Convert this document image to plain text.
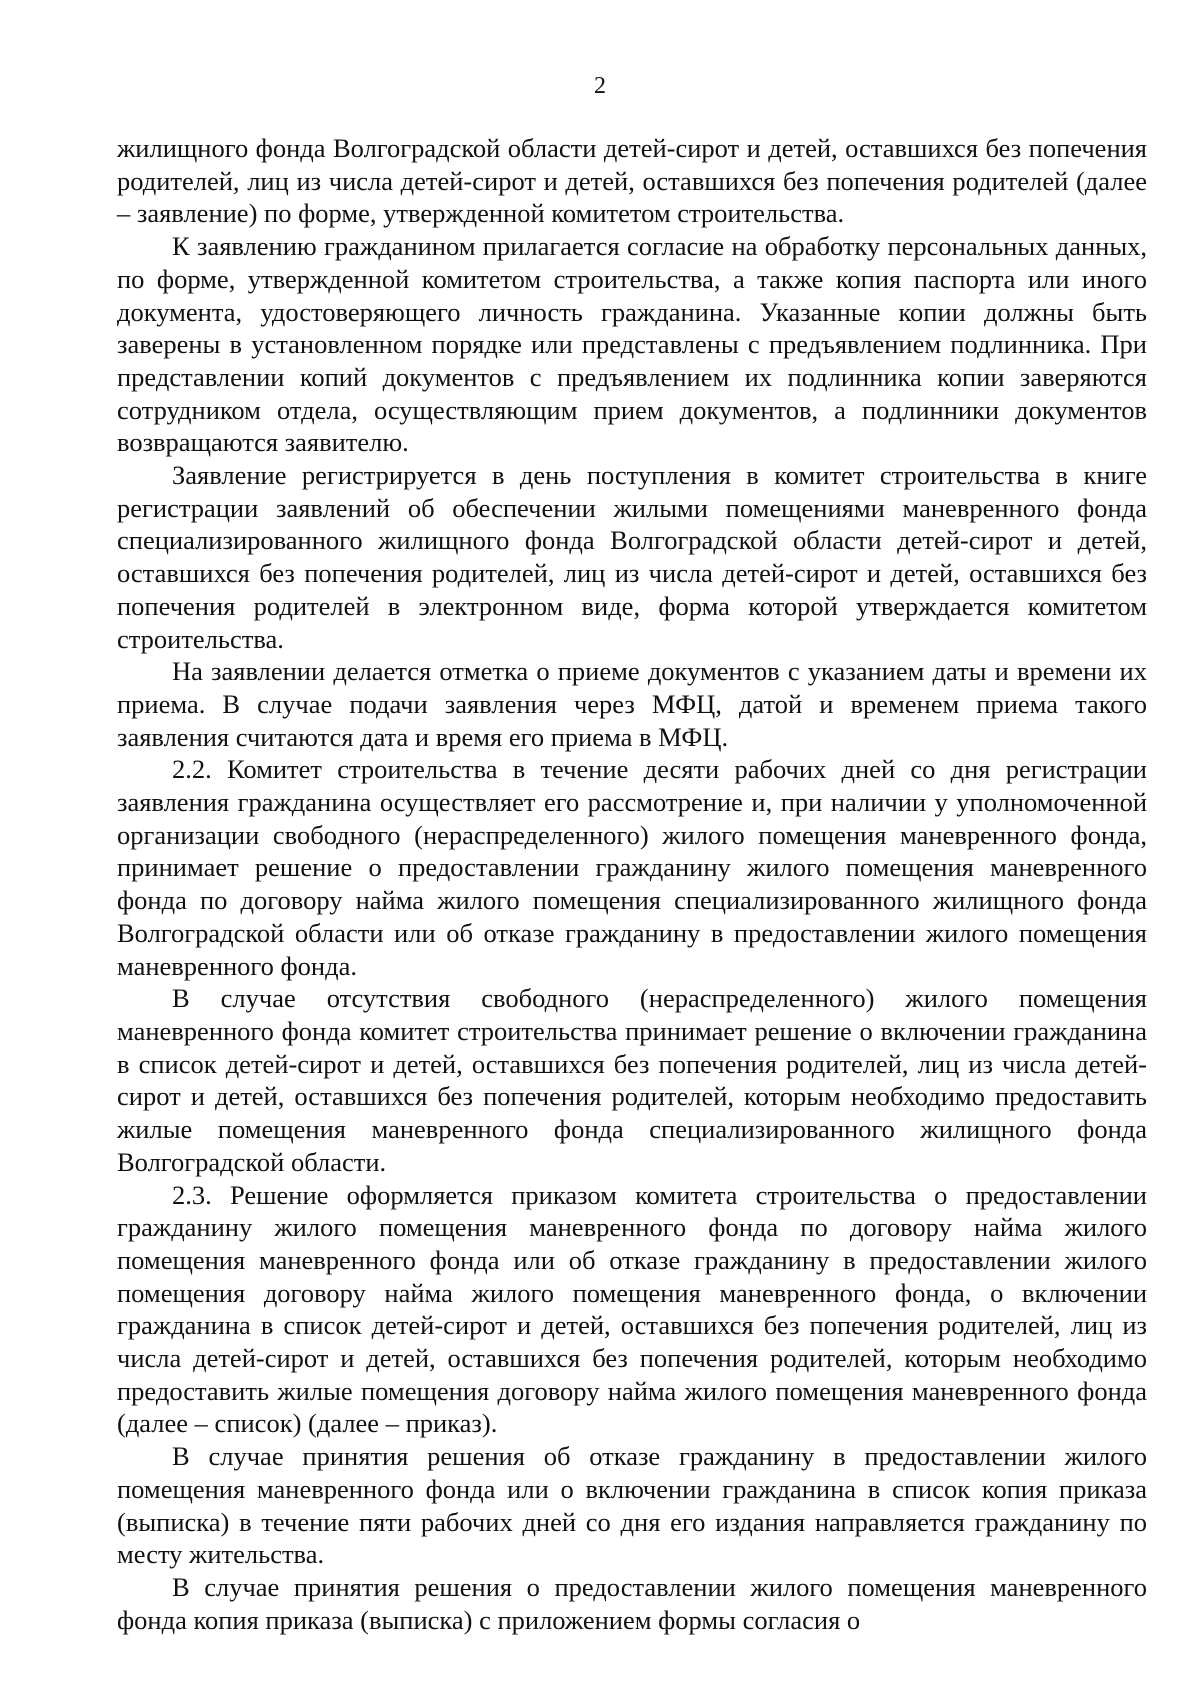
2

жилищного фонда Волгоградской области детей-сирот и детей, оставшихся без попечения родителей, лиц из числа детей-сирот и детей, оставшихся без попечения родителей (далее – заявление) по форме, утвержденной комитетом строительства.

К заявлению гражданином прилагается согласие на обработку персональных данных, по форме, утвержденной комитетом строительства, а также копия паспорта или иного документа, удостоверяющего личность гражданина. Указанные копии должны быть заверены в установленном порядке или представлены с предъявлением подлинника. При представлении копий документов с предъявлением их подлинника копии заверяются сотрудником отдела, осуществляющим прием документов, а подлинники документов возвращаются заявителю.

Заявление регистрируется в день поступления в комитет строительства в книге регистрации заявлений об обеспечении жилыми помещениями маневренного фонда специализированного жилищного фонда Волгоградской области детей-сирот и детей, оставшихся без попечения родителей, лиц из числа детей-сирот и детей, оставшихся без попечения родителей в электронном виде, форма которой утверждается комитетом строительства.

На заявлении делается отметка о приеме документов с указанием даты и времени их приема. В случае подачи заявления через МФЦ, датой и временем приема такого заявления считаются дата и время его приема в МФЦ.

2.2. Комитет строительства в течение десяти рабочих дней со дня регистрации заявления гражданина осуществляет его рассмотрение и, при наличии у уполномоченной организации свободного (нераспределенного) жилого помещения маневренного фонда, принимает решение о предоставлении гражданину жилого помещения маневренного фонда по договору найма жилого помещения специализированного жилищного фонда Волгоградской области или об отказе гражданину в предоставлении жилого помещения маневренного фонда.

В случае отсутствия свободного (нераспределенного) жилого помещения маневренного фонда комитет строительства принимает решение о включении гражданина в список детей-сирот и детей, оставшихся без попечения родителей, лиц из числа детей-сирот и детей, оставшихся без попечения родителей, которым необходимо предоставить жилые помещения маневренного фонда специализированного жилищного фонда Волгоградской области.

2.3. Решение оформляется приказом комитета строительства о предоставлении гражданину жилого помещения маневренного фонда по договору найма жилого помещения маневренного фонда или об отказе гражданину в предоставлении жилого помещения договору найма жилого помещения маневренного фонда, о включении гражданина в список детей-сирот и детей, оставшихся без попечения родителей, лиц из числа детей-сирот и детей, оставшихся без попечения родителей, которым необходимо предоставить жилые помещения договору найма жилого помещения маневренного фонда (далее – список) (далее – приказ).

В случае принятия решения об отказе гражданину в предоставлении жилого помещения маневренного фонда или о включении гражданина в список копия приказа (выписка) в течение пяти рабочих дней со дня его издания направляется гражданину по месту жительства.

В случае принятия решения о предоставлении жилого помещения маневренного фонда копия приказа (выписка) с приложением формы согласия о
